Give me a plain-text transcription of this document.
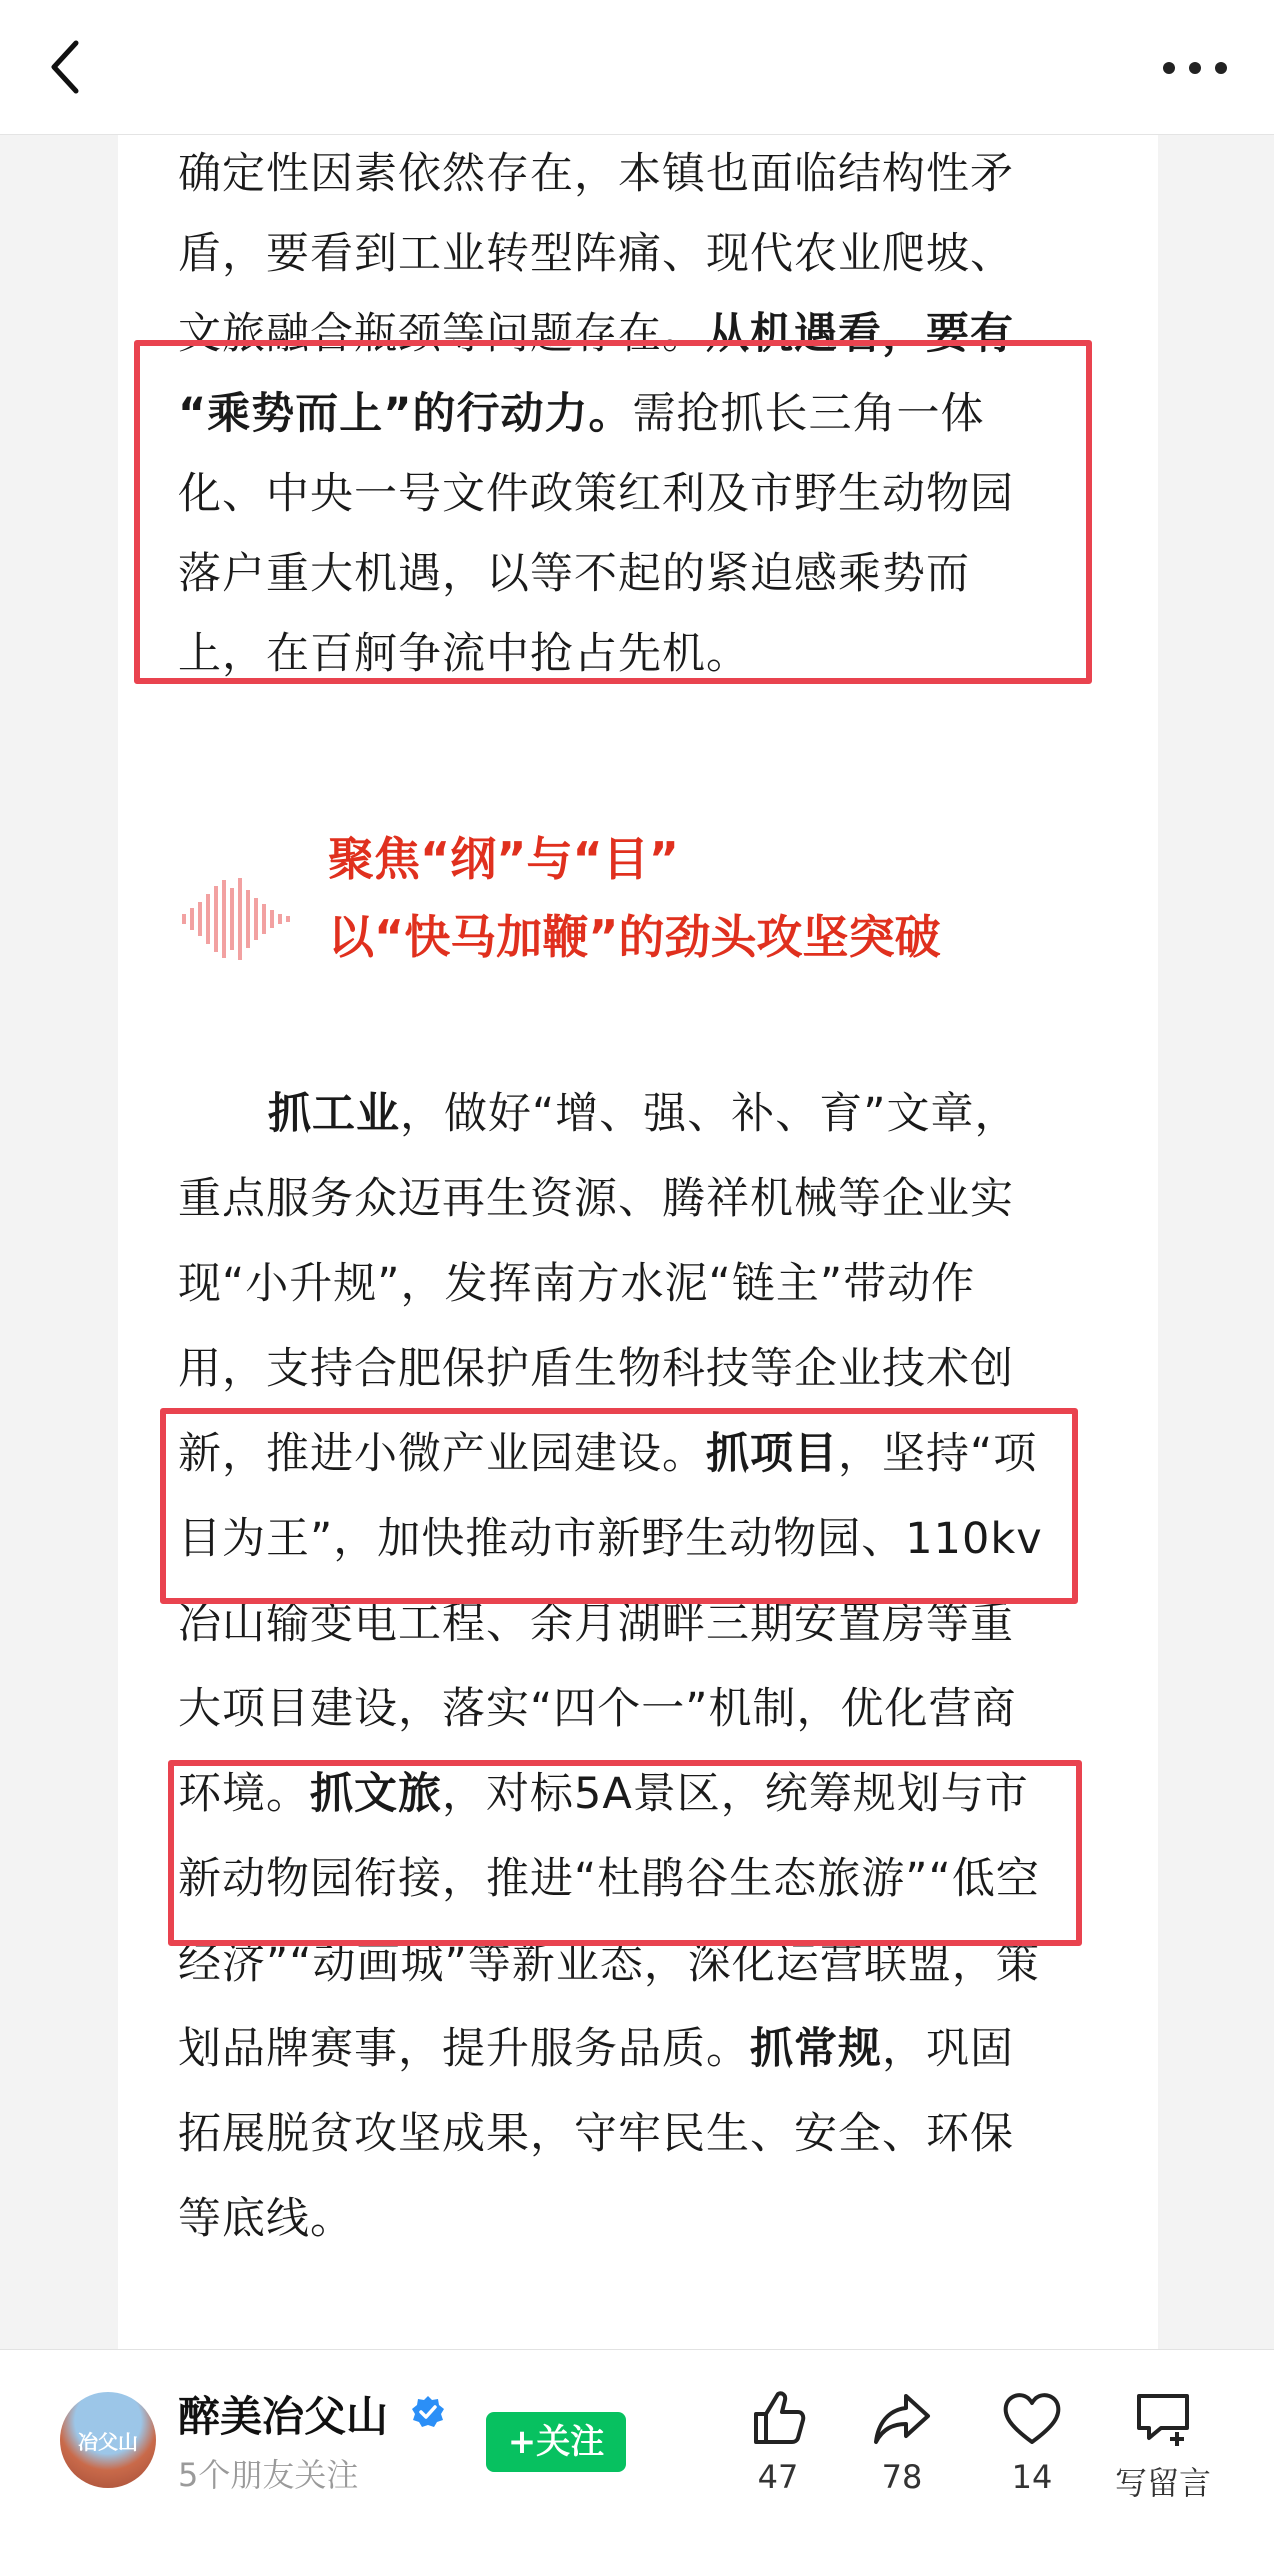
确定性因素依然存在，本镇也面临结构性矛

盾，要看到工业转型阵痛、现代农业爬坡、

文旅融合瓶颈等问题存在。从机遇看，要有

“乘势而上”的行动力。需抢抓长三角一体

化、中央一号文件政策红利及市野生动物园

落户重大机遇，以等不起的紧迫感乘势而

上，在百舸争流中抢占先机。

聚焦“纲”与“目”
以“快马加鞭”的劲头攻坚突破

抓工业，做好“增、强、补、育”文章，

重点服务众迈再生资源、腾祥机械等企业实

现“小升规”，发挥南方水泥“链主”带动作

用，支持合肥保护盾生物科技等企业技术创

新，推进小微产业园建设。抓项目，坚持“项

目为王”，加快推动市新野生动物园、110kv

冶山输变电工程、余月湖畔三期安置房等重

大项目建设，落实“四个一”机制，优化营商

环境。抓文旅，对标5A景区，统筹规划与市

新动物园衔接，推进“杜鹃谷生态旅游”“低空

经济”“动画城”等新业态，深化运营联盟，策

划品牌赛事，提升服务品质。抓常规，巩固

拓展脱贫攻坚成果，守牢民生、安全、环保

等底线。

冶父山
醉美冶父山
5个朋友关注
+关注
47	78	14	写留言
